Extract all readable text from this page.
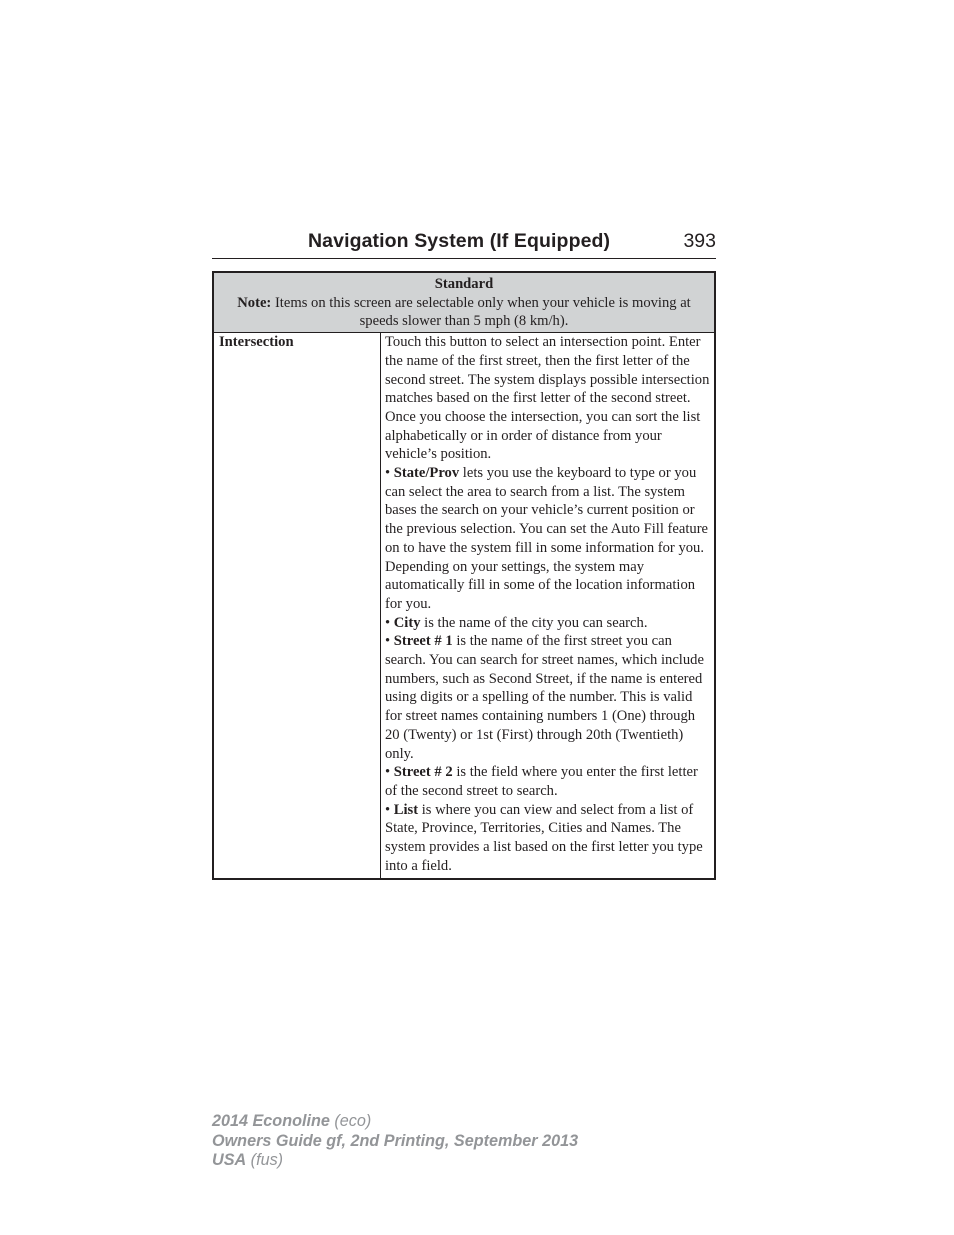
Navigation System (If Equipped)	393
Standard
Note: Items on this screen are selectable only when your vehicle is moving at speeds slower than 5 mph (8 km/h).

Intersection	Touch this button to select an intersection point. Enter the name of the first street, then the first letter of the second street. The system displays possible intersection matches based on the first letter of the second street. Once you choose the intersection, you can sort the list alphabetically or in order of distance from your vehicle’s position.

• State/Prov lets you use the keyboard to type or you can select the area to search from a list. The system bases the search on your vehicle’s current position or the previous selection. You can set the Auto Fill feature on to have the system fill in some information for you. Depending on your settings, the system may automatically fill in some of the location information for you.

• City is the name of the city you can search.

• Street # 1 is the name of the first street you can search. You can search for street names, which include numbers, such as Second Street, if the name is entered using digits or a spelling of the number. This is valid for street names containing numbers 1 (One) through 20 (Twenty) or 1st (First) through 20th (Twentieth) only.

• Street # 2 is the field where you enter the first letter of the second street to search.

• List is where you can view and select from a list of State, Province, Territories, Cities and Names. The system provides a list based on the first letter you type into a field.

2014 Econoline (eco)
Owners Guide gf, 2nd Printing, September 2013
USA (fus)
